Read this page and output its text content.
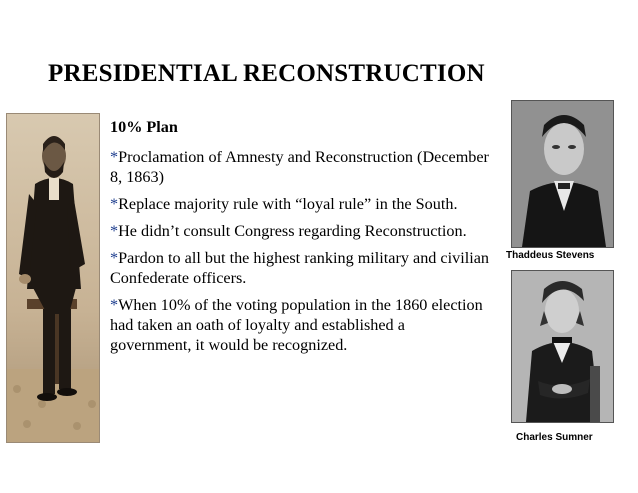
PRESIDENTIAL RECONSTRUCTION
10% Plan
*Proclamation of Amnesty and Reconstruction (December 8, 1863)
*Replace majority rule with “loyal rule” in the South.
*He didn’t consult Congress regarding Reconstruction.
*Pardon to all but the highest ranking military and civilian Confederate officers.
*When 10% of the voting population in the 1860 election had taken an oath of loyalty and established a government, it would be recognized.
Thaddeus Stevens
Charles Sumner
